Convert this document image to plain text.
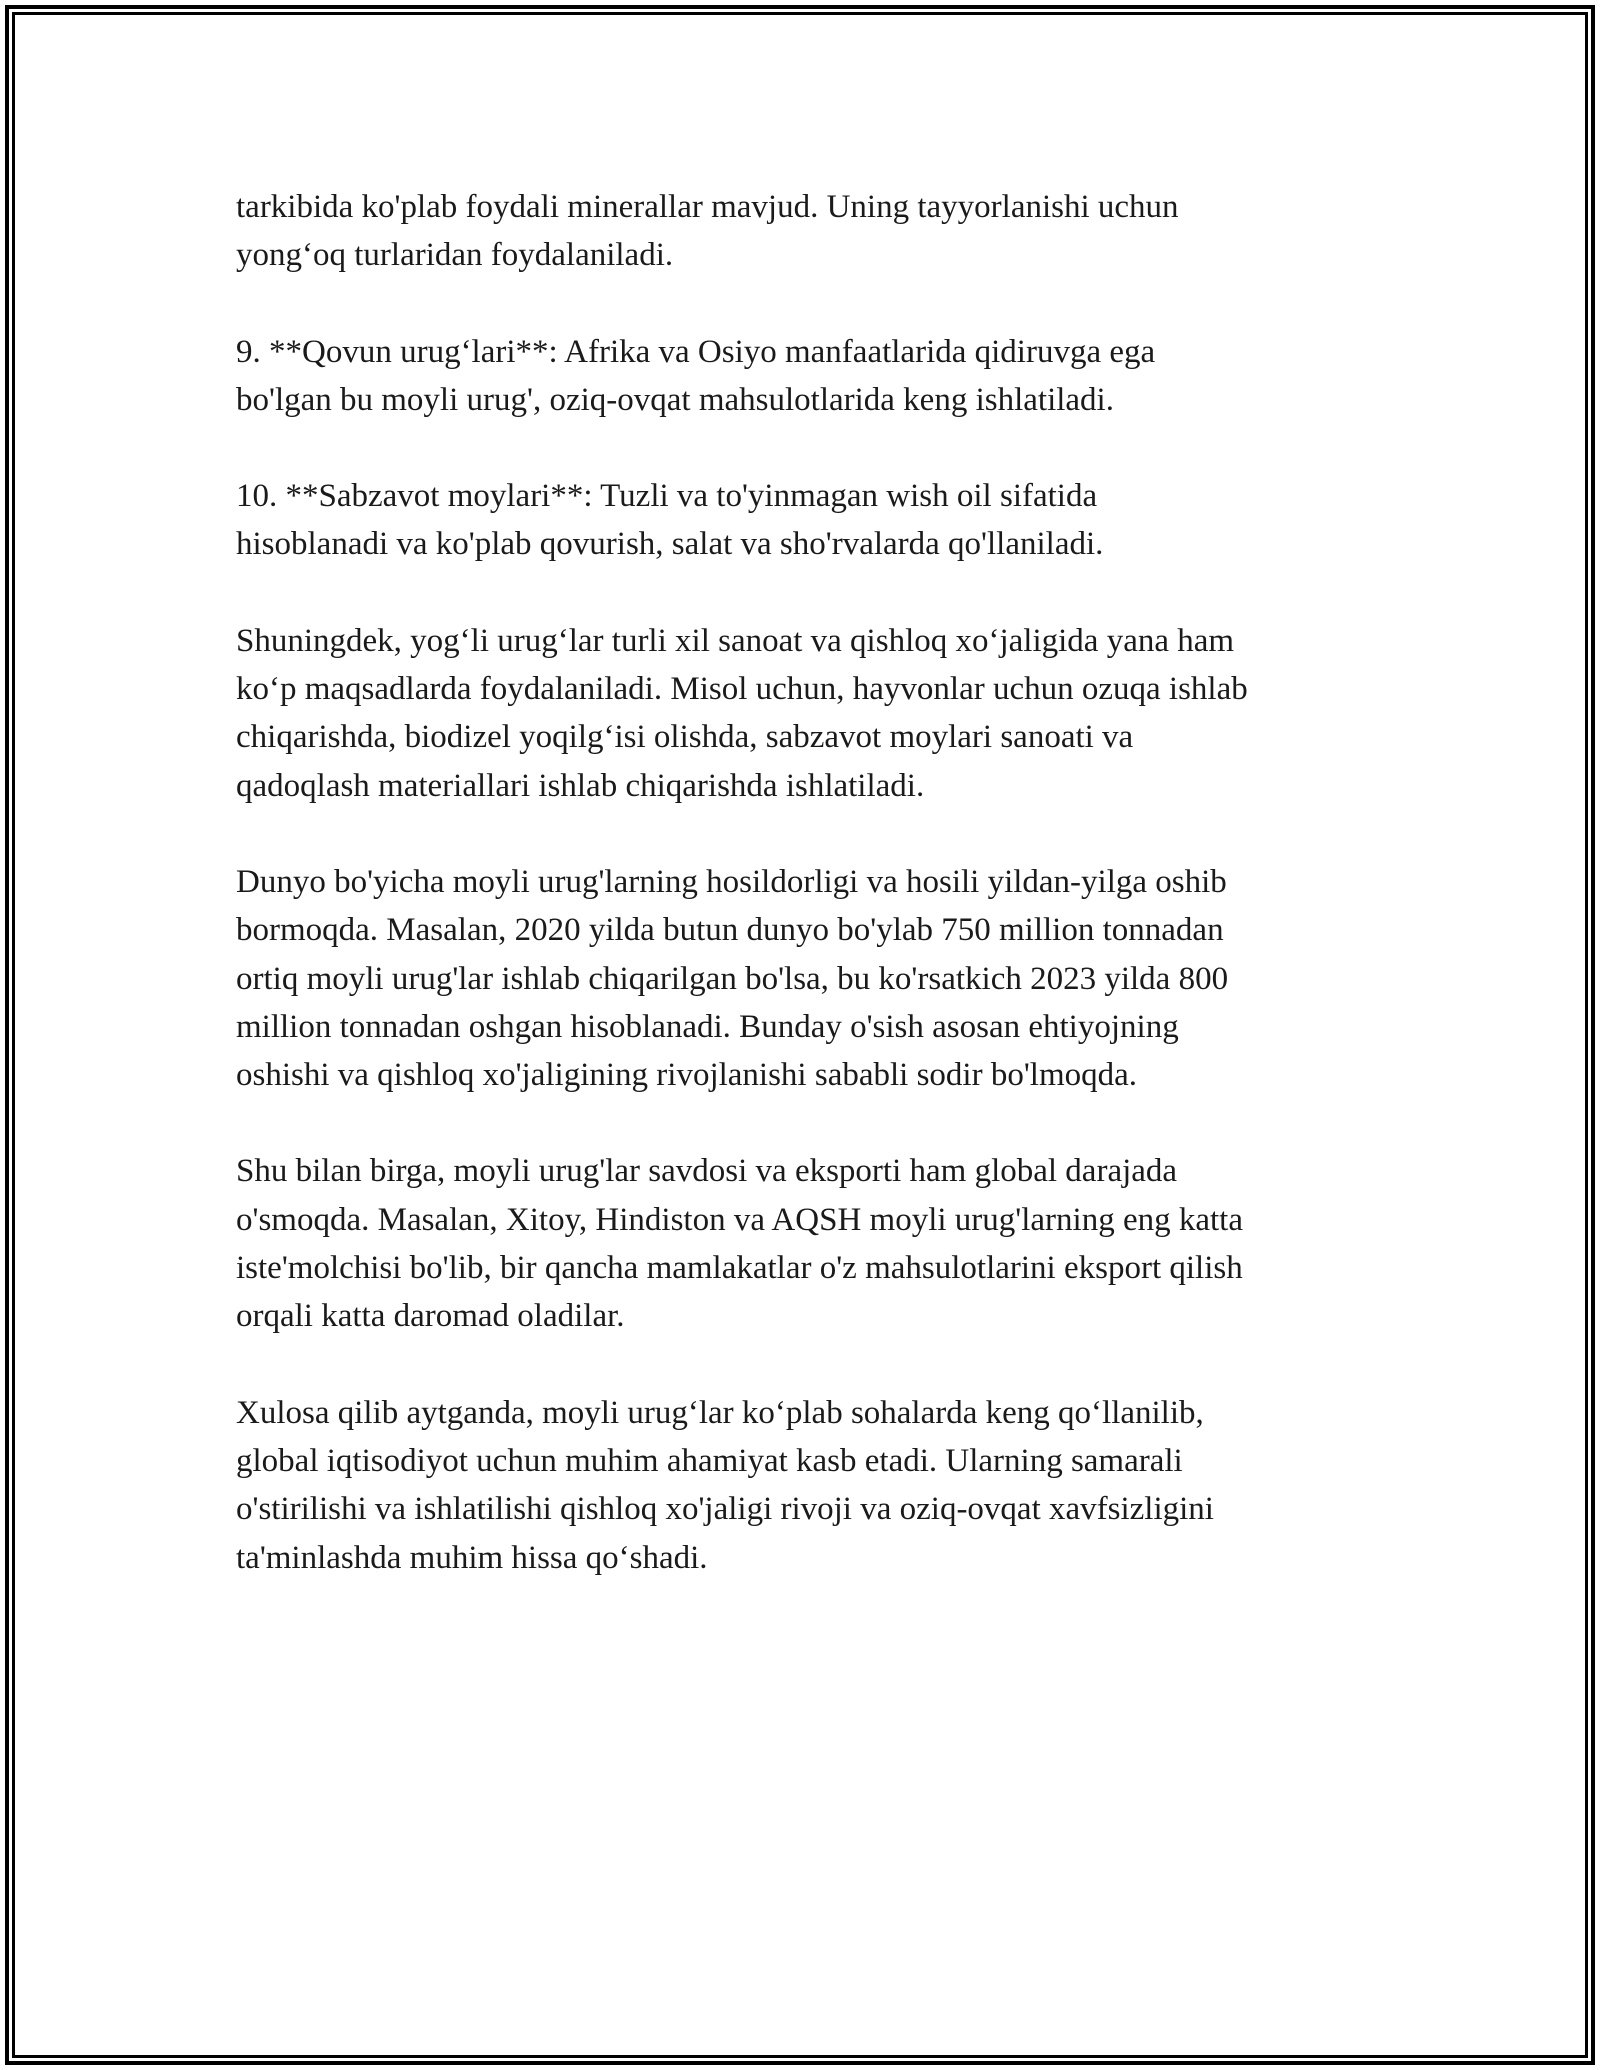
tarkibida ko'plab foydali minerallar mavjud. Uning tayyorlanishi uchun
yong‘oq turlaridan foydalaniladi.

9. **Qovun urug‘lari**: Afrika va Osiyo manfaatlarida qidiruvga ega
bo'lgan bu moyli urug', oziq-ovqat mahsulotlarida keng ishlatiladi.

10. **Sabzavot moylari**: Tuzli va to'yinmagan wish oil sifatida
hisoblanadi va ko'plab qovurish, salat va sho'rvalarda qo'llaniladi.

Shuningdek, yog‘li urug‘lar turli xil sanoat va qishloq xo‘jaligida yana ham
ko‘p maqsadlarda foydalaniladi. Misol uchun, hayvonlar uchun ozuqa ishlab
chiqarishda, biodizel yoqilg‘isi olishda, sabzavot moylari sanoati va
qadoqlash materiallari ishlab chiqarishda ishlatiladi.

Dunyo bo'yicha moyli urug'larning hosildorligi va hosili yildan-yilga oshib
bormoqda. Masalan, 2020 yilda butun dunyo bo'ylab 750 million tonnadan
ortiq moyli urug'lar ishlab chiqarilgan bo'lsa, bu ko'rsatkich 2023 yilda 800
million tonnadan oshgan hisoblanadi. Bunday o'sish asosan ehtiyojning
oshishi va qishloq xo'jaligining rivojlanishi sababli sodir bo'lmoqda.

Shu bilan birga, moyli urug'lar savdosi va eksporti ham global darajada
o'smoqda. Masalan, Xitoy, Hindiston va AQSH moyli urug'larning eng katta
iste'molchisi bo'lib, bir qancha mamlakatlar o'z mahsulotlarini eksport qilish
orqali katta daromad oladilar.

Xulosa qilib aytganda, moyli urug‘lar ko‘plab sohalarda keng qo‘llanilib,
global iqtisodiyot uchun muhim ahamiyat kasb etadi. Ularning samarali
o'stirilishi va ishlatilishi qishloq xo'jaligi rivoji va oziq-ovqat xavfsizligini
ta'minlashda muhim hissa qo‘shadi.
